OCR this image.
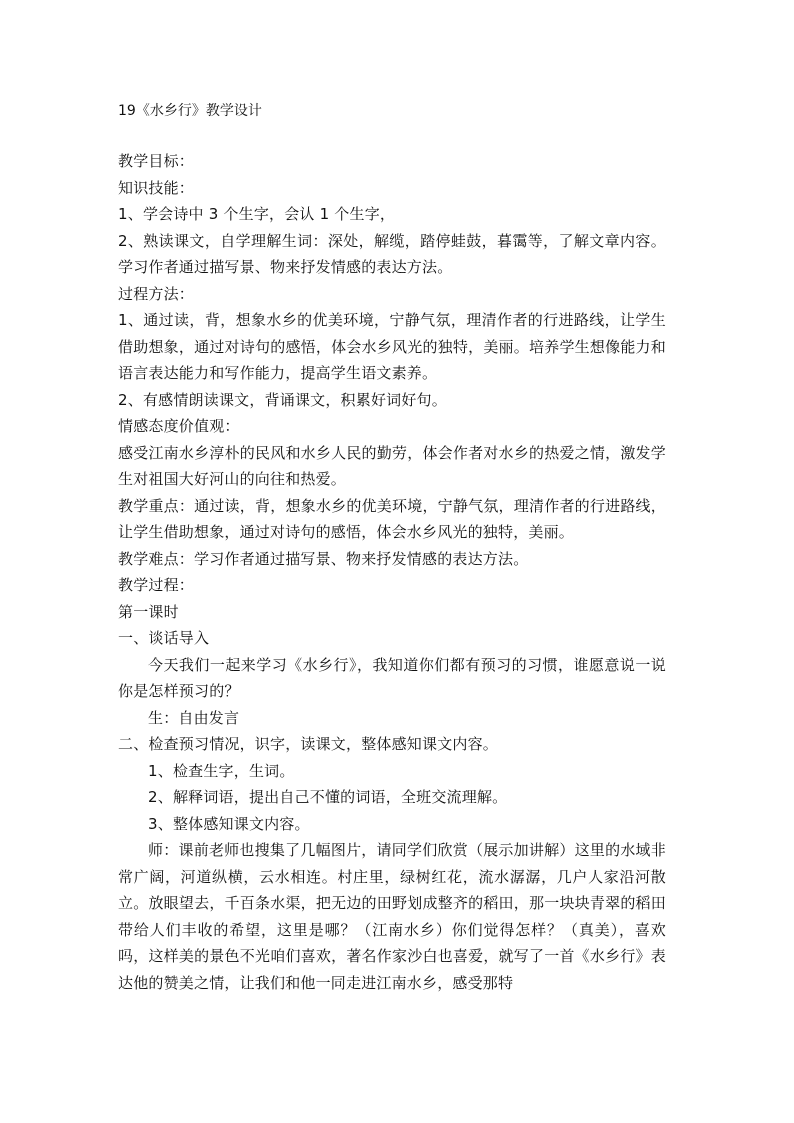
19《水乡行》教学设计

教学目标：

知识技能：

1、学会诗中 3 个生字，会认 1 个生字，

2、熟读课文，自学理解生词：深处，解缆，踏停蛙鼓，暮霭等，了解文章内容。学习作者通过描写景、物来抒发情感的表达方法。

过程方法：

1、通过读，背，想象水乡的优美环境，宁静气氛，理清作者的行进路线，让学生借助想象，通过对诗句的感悟，体会水乡风光的独特，美丽。培养学生想像能力和语言表达能力和写作能力，提高学生语文素养。

2、有感情朗读课文，背诵课文，积累好词好句。

情感态度价值观：

感受江南水乡淳朴的民风和水乡人民的勤劳，体会作者对水乡的热爱之情，激发学生对祖国大好河山的向往和热爱。

教学重点：通过读，背，想象水乡的优美环境，宁静气氛，理清作者的行进路线，让学生借助想象，通过对诗句的感悟，体会水乡风光的独特，美丽。

教学难点：学习作者通过描写景、物来抒发情感的表达方法。

教学过程：

第一课时

一、谈话导入

今天我们一起来学习《水乡行》，我知道你们都有预习的习惯，谁愿意说一说你是怎样预习的？

生：自由发言

二、检查预习情况，识字，读课文，整体感知课文内容。

1、检查生字，生词。

2、解释词语，提出自己不懂的词语，全班交流理解。

3、整体感知课文内容。

师：课前老师也搜集了几幅图片，请同学们欣赏（展示加讲解）这里的水域非常广阔，河道纵横，云水相连。村庄里，绿树红花，流水潺潺，几户人家沿河散立。放眼望去，千百条水渠，把无边的田野划成整齐的稻田，那一块块青翠的稻田带给人们丰收的希望，这里是哪？（江南水乡）你们觉得怎样？（真美），喜欢吗，这样美的景色不光咱们喜欢，著名作家沙白也喜爱，就写了一首《水乡行》表达他的赞美之情，让我们和他一同走进江南水乡，感受那特
